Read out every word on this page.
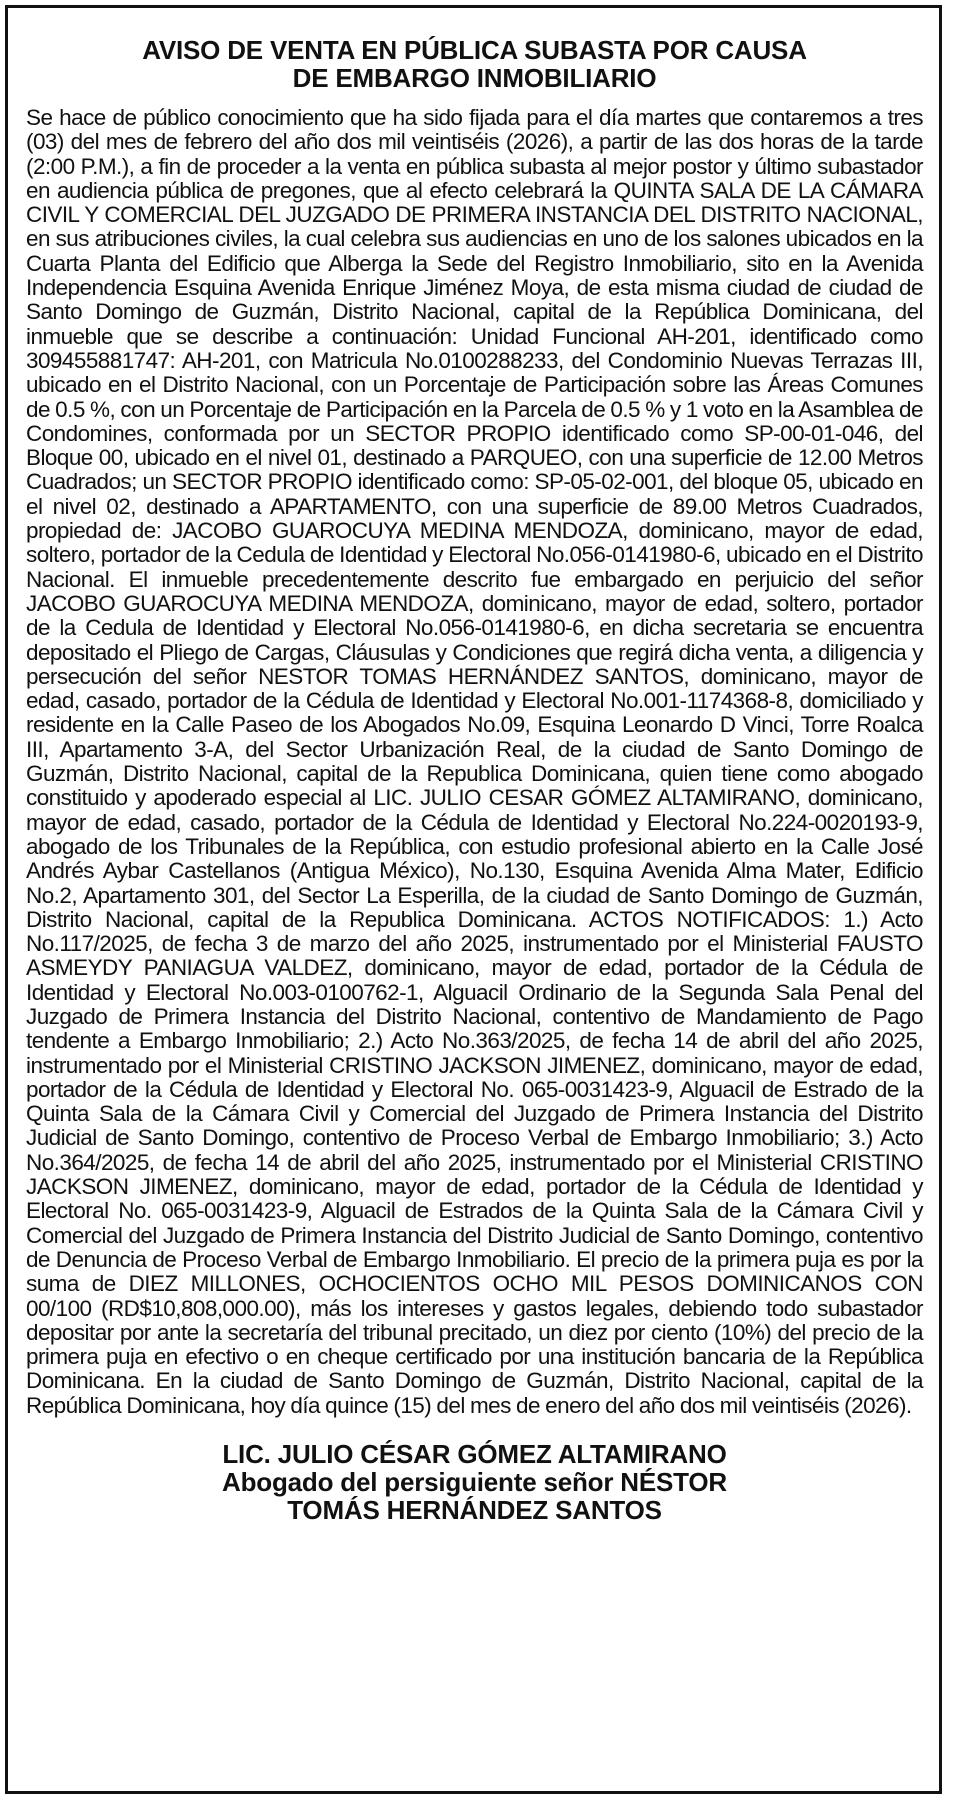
AVISO DE VENTA EN PÚBLICA SUBASTA POR CAUSA
DE EMBARGO INMOBILIARIO

Se hace de público conocimiento que ha sido fijada para el día martes que contaremos a tres (03) del mes de febrero del año dos mil veintiséis (2026), a partir de las dos horas de la tarde (2:00 P.M.), a fin de proceder a la venta en pública subasta al mejor postor y último subastador en audiencia pública de pregones, que al efecto celebrará la QUINTA SALA DE LA CÁMARA CIVIL Y COMERCIAL DEL JUZGADO DE PRIMERA INSTANCIA DEL DISTRITO NACIONAL, en sus atribuciones civiles, la cual celebra sus audiencias en uno de los salones ubicados en la Cuarta Planta del Edificio que Alberga la Sede del Registro Inmobiliario, sito en la Avenida Independencia Esquina Avenida Enrique Jiménez Moya, de esta misma ciudad de ciudad de Santo Domingo de Guzmán, Distrito Nacional, capital de la República Dominicana, del inmueble que se describe a continuación: Unidad Funcional AH-201, identificado como 309455881747: AH-201, con Matricula No.0100288233, del Condominio Nuevas Terrazas III, ubicado en el Distrito Nacional, con un Porcentaje de Participación sobre las Áreas Comunes de 0.5 %, con un Porcentaje de Participación en la Parcela de 0.5 % y 1 voto en la Asamblea de Condomines, conformada por un SECTOR PROPIO identificado como SP-00-01-046, del Bloque 00, ubicado en el nivel 01, destinado a PARQUEO, con una superficie de 12.00 Metros Cuadrados; un SECTOR PROPIO identificado como: SP-05-02-001, del bloque 05, ubicado en el nivel 02, destinado a APARTAMENTO, con una superficie de 89.00 Metros Cuadrados, propiedad de: JACOBO GUAROCUYA MEDINA MENDOZA, dominicano, mayor de edad, soltero, portador de la Cedula de Identidad y Electoral No.056-0141980-6, ubicado en el Distrito Nacional. El inmueble precedentemente descrito fue embargado en perjuicio del señor JACOBO GUAROCUYA MEDINA MENDOZA, dominicano, mayor de edad, soltero, portador de la Cedula de Identidad y Electoral No.056-0141980-6, en dicha secretaria se encuentra depositado el Pliego de Cargas, Cláusulas y Condiciones que regirá dicha venta, a diligencia y persecución del señor NESTOR TOMAS HERNÁNDEZ SANTOS, dominicano, mayor de edad, casado, portador de la Cédula de Identidad y Electoral No.001-1174368-8, domiciliado y residente en la Calle Paseo de los Abogados No.09, Esquina Leonardo D Vinci, Torre Roalca III, Apartamento 3-A, del Sector Urbanización Real, de la ciudad de Santo Domingo de Guzmán, Distrito Nacional, capital de la Republica Dominicana, quien tiene como abogado constituido y apoderado especial al LIC. JULIO CESAR GÓMEZ ALTAMIRANO, dominicano, mayor de edad, casado, portador de la Cédula de Identidad y Electoral No.224-0020193-9, abogado de los Tribunales de la República, con estudio profesional abierto en la Calle José Andrés Aybar Castellanos (Antigua México), No.130, Esquina Avenida Alma Mater, Edificio No.2, Apartamento 301, del Sector La Esperilla, de la ciudad de Santo Domingo de Guzmán, Distrito Nacional, capital de la Republica Dominicana. ACTOS NOTIFICADOS: 1.) Acto No.117/2025, de fecha 3 de marzo del año 2025, instrumentado por el Ministerial FAUSTO ASMEYDY PANIAGUA VALDEZ, dominicano, mayor de edad, portador de la Cédula de Identidad y Electoral No.003-0100762-1, Alguacil Ordinario de la Segunda Sala Penal del Juzgado de Primera Instancia del Distrito Nacional, contentivo de Mandamiento de Pago tendente a Embargo Inmobiliario; 2.) Acto No.363/2025, de fecha 14 de abril del año 2025, instrumentado por el Ministerial CRISTINO JACKSON JIMENEZ, dominicano, mayor de edad, portador de la Cédula de Identidad y Electoral No. 065-0031423-9, Alguacil de Estrado de la Quinta Sala de la Cámara Civil y Comercial del Juzgado de Primera Instancia del Distrito Judicial de Santo Domingo, contentivo de Proceso Verbal de Embargo Inmobiliario; 3.) Acto No.364/2025, de fecha 14 de abril del año 2025, instrumentado por el Ministerial CRISTINO JACKSON JIMENEZ, dominicano, mayor de edad, portador de la Cédula de Identidad y Electoral No. 065-0031423-9, Alguacil de Estrados de la Quinta Sala de la Cámara Civil y Comercial del Juzgado de Primera Instancia del Distrito Judicial de Santo Domingo, contentivo de Denuncia de Proceso Verbal de Embargo Inmobiliario. El precio de la primera puja es por la suma de DIEZ MILLONES, OCHOCIENTOS OCHO MIL PESOS DOMINICANOS CON 00/100 (RD$10,808,000.00), más los intereses y gastos legales, debiendo todo subastador depositar por ante la secretaría del tribunal precitado, un diez por ciento (10%) del precio de la primera puja en efectivo o en cheque certificado por una institución bancaria de la República Dominicana. En la ciudad de Santo Domingo de Guzmán, Distrito Nacional, capital de la República Dominicana, hoy día quince (15) del mes de enero del año dos mil veintiséis (2026).

LIC. JULIO CÉSAR GÓMEZ ALTAMIRANO
Abogado del persiguiente señor NÉSTOR
TOMÁS HERNÁNDEZ SANTOS
